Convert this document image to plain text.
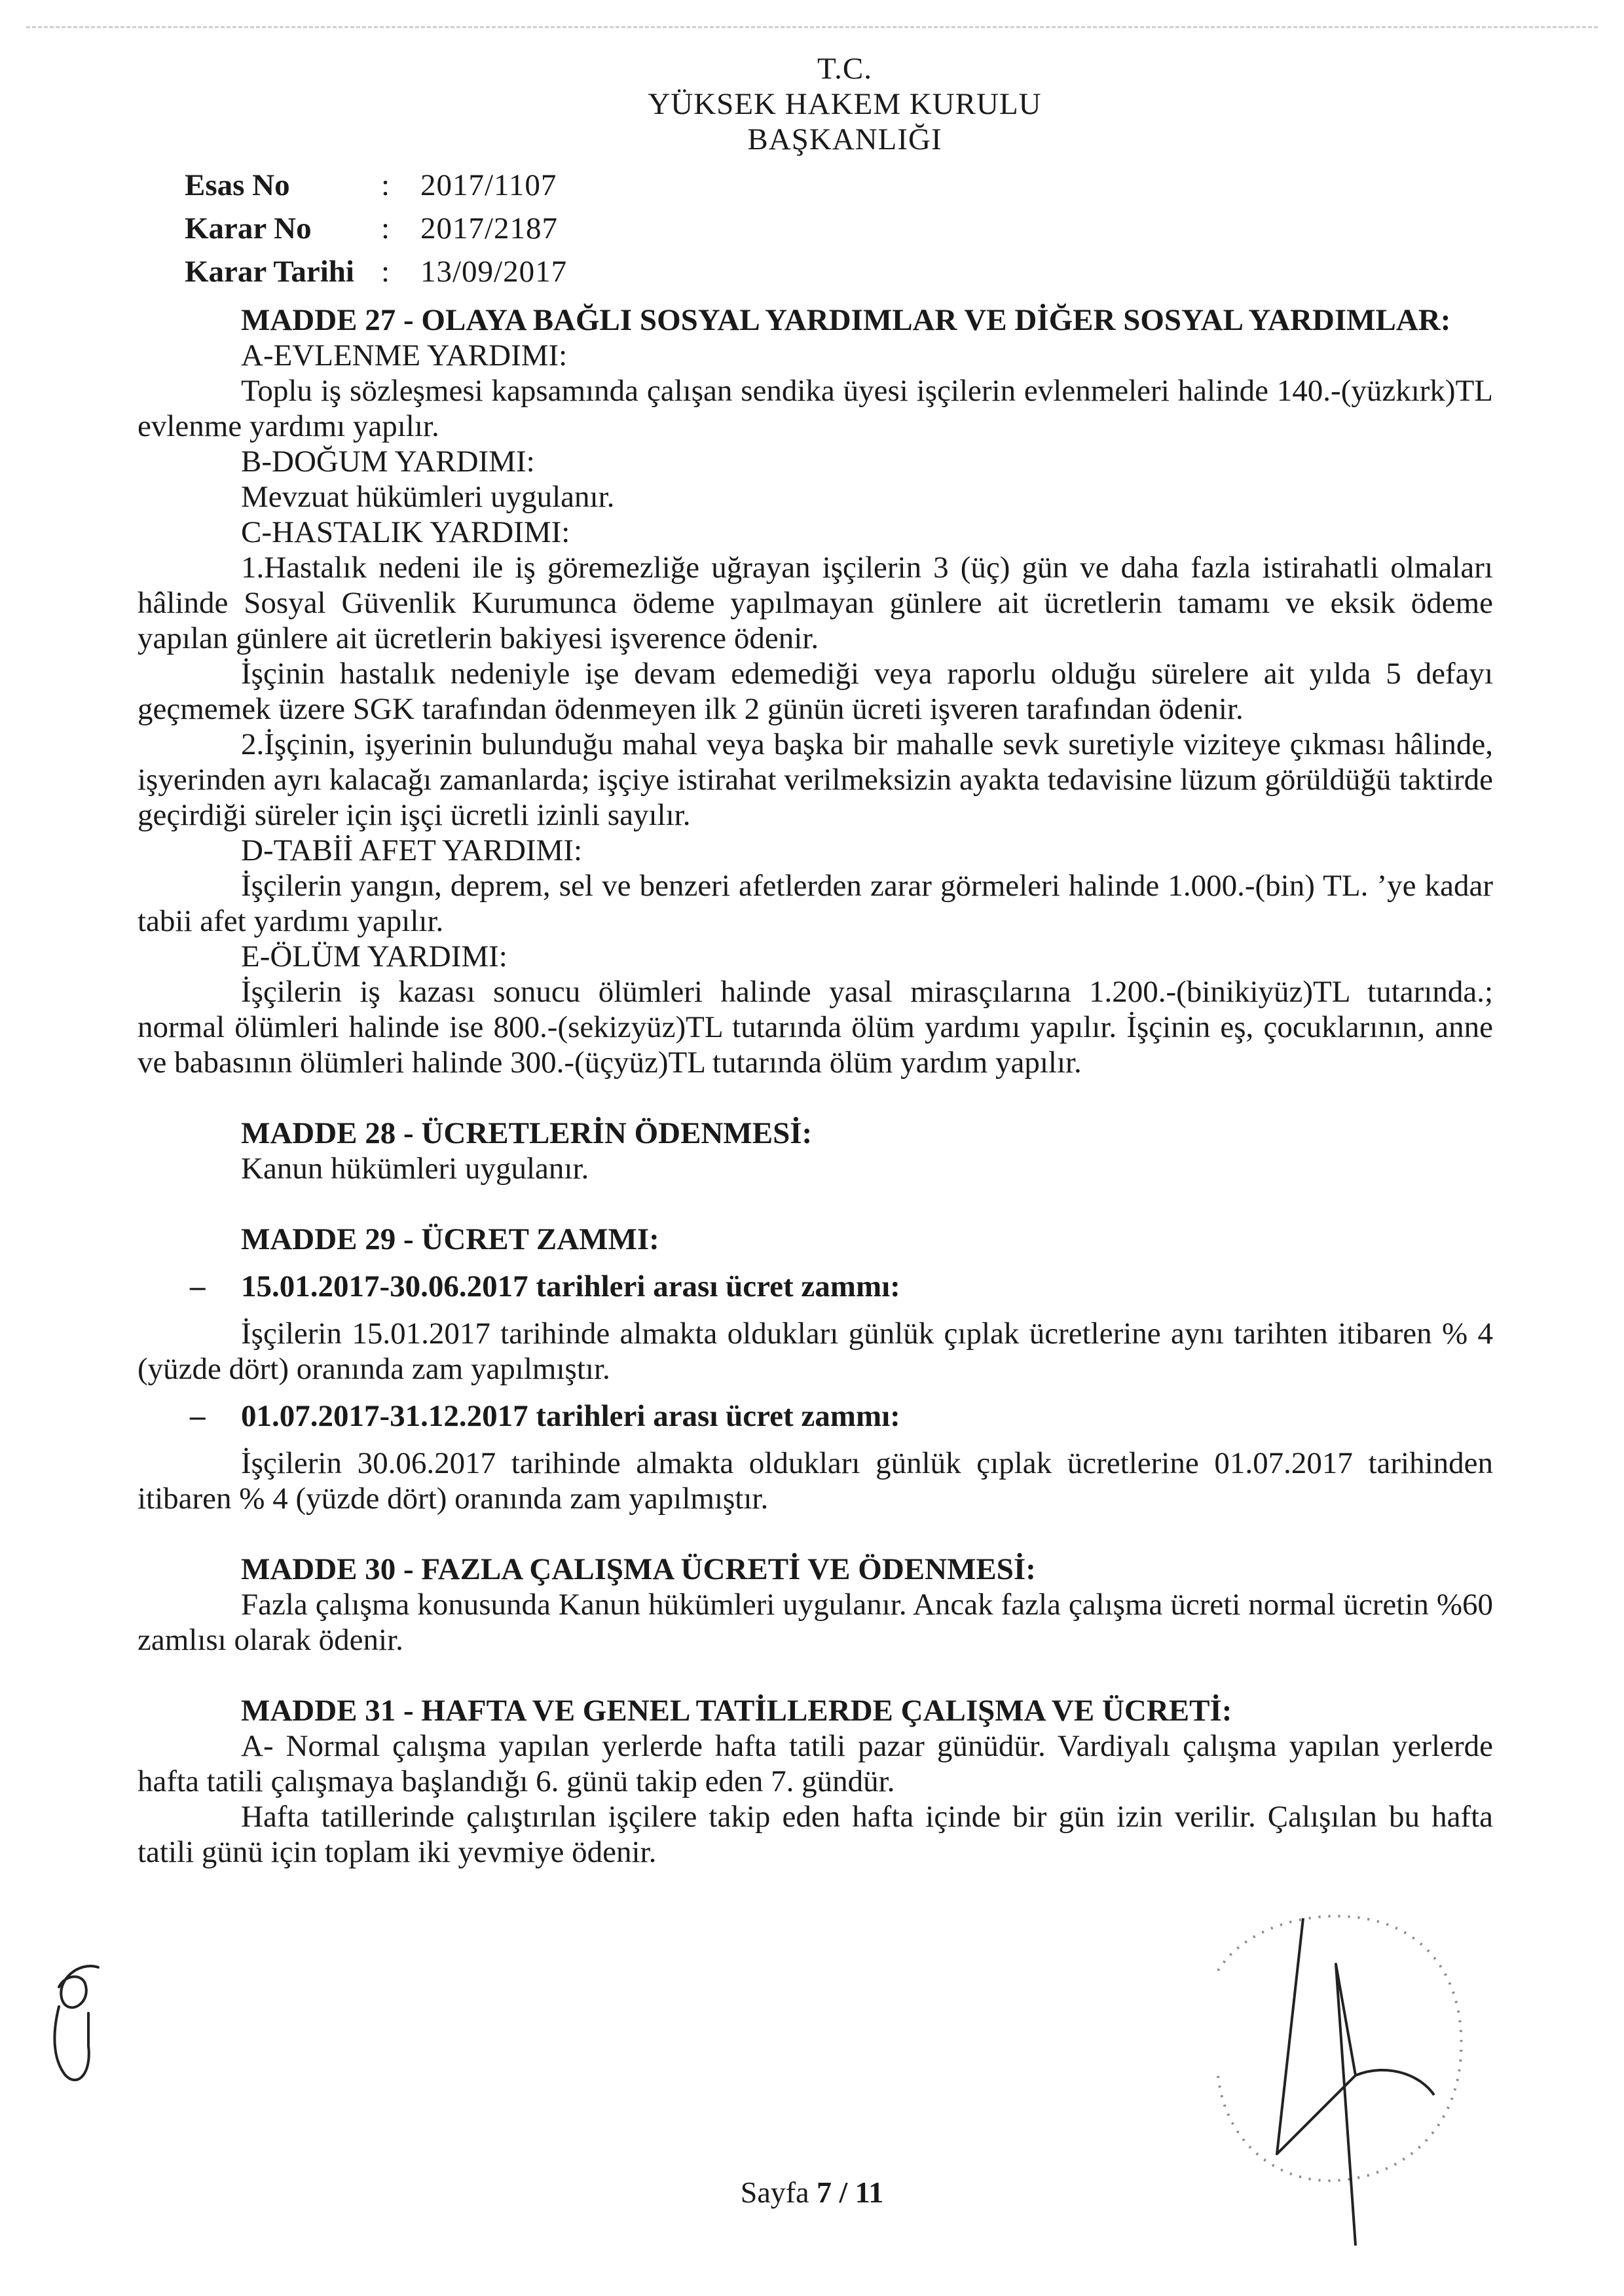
T.C.
YÜKSEK HAKEM KURULU
BAŞKANLIĞI
Esas No	: 2017/1107
Karar No	: 2017/2187
Karar Tarihi : 13/09/2017

MADDE 27 - OLAYA BAĞLI SOSYAL YARDIMLAR VE DİĞER SOSYAL YARDIMLAR:

A-EVLENME YARDIMI:

Toplu iş sözleşmesi kapsamında çalışan sendika üyesi işçilerin evlenmeleri halinde 140.-(yüzkırk)TL evlenme yardımı yapılır.

B-DOĞUM YARDIMI:

Mevzuat hükümleri uygulanır.

C-HASTALIK YARDIMI:

1.Hastalık nedeni ile iş göremezliğe uğrayan işçilerin 3 (üç) gün ve daha fazla istirahatli olmaları hâlinde Sosyal Güvenlik Kurumunca ödeme yapılmayan günlere ait ücretlerin tamamı ve eksik ödeme yapılan günlere ait ücretlerin bakiyesi işverence ödenir.

İşçinin hastalık nedeniyle işe devam edemediği veya raporlu olduğu sürelere ait yılda 5 defayı geçmemek üzere SGK tarafından ödenmeyen ilk 2 günün ücreti işveren tarafından ödenir.

2.İşçinin, işyerinin bulunduğu mahal veya başka bir mahalle sevk suretiyle viziteye çıkması hâlinde, işyerinden ayrı kalacağı zamanlarda; işçiye istirahat verilmeksizin ayakta tedavisine lüzum görüldüğü taktirde geçirdiği süreler için işçi ücretli izinli sayılır.

D-TABİİ AFET YARDIMI:

İşçilerin yangın, deprem, sel ve benzeri afetlerden zarar görmeleri halinde 1.000.-(bin) TL. ’ye kadar tabii afet yardımı yapılır.

E-ÖLÜM YARDIMI:

İşçilerin iş kazası sonucu ölümleri halinde yasal mirasçılarına 1.200.-(binikiyüz)TL tutarında.; normal ölümleri halinde ise 800.-(sekizyüz)TL tutarında ölüm yardımı yapılır. İşçinin eş, çocuklarının, anne ve babasının ölümleri halinde 300.-(üçyüz)TL tutarında ölüm yardım yapılır.

MADDE 28 - ÜCRETLERİN ÖDENMESİ:

Kanun hükümleri uygulanır.

MADDE 29 - ÜCRET ZAMMI:

–	15.01.2017-30.06.2017 tarihleri arası ücret zammı:

İşçilerin 15.01.2017 tarihinde almakta oldukları günlük çıplak ücretlerine aynı tarihten itibaren % 4 (yüzde dört) oranında zam yapılmıştır.

–	01.07.2017-31.12.2017 tarihleri arası ücret zammı:

İşçilerin 30.06.2017 tarihinde almakta oldukları günlük çıplak ücretlerine 01.07.2017 tarihinden itibaren % 4 (yüzde dört) oranında zam yapılmıştır.

MADDE 30 - FAZLA ÇALIŞMA ÜCRETİ VE ÖDENMESİ:

Fazla çalışma konusunda Kanun hükümleri uygulanır. Ancak fazla çalışma ücreti normal ücretin %60 zamlısı olarak ödenir.

MADDE 31 - HAFTA VE GENEL TATİLLERDE ÇALIŞMA VE ÜCRETİ:

A- Normal çalışma yapılan yerlerde hafta tatili pazar günüdür. Vardiyalı çalışma yapılan yerlerde hafta tatili çalışmaya başlandığı 6. günü takip eden 7. gündür.

Hafta tatillerinde çalıştırılan işçilere takip eden hafta içinde bir gün izin verilir. Çalışılan bu hafta tatili günü için toplam iki yevmiye ödenir.

Sayfa 7 / 11
